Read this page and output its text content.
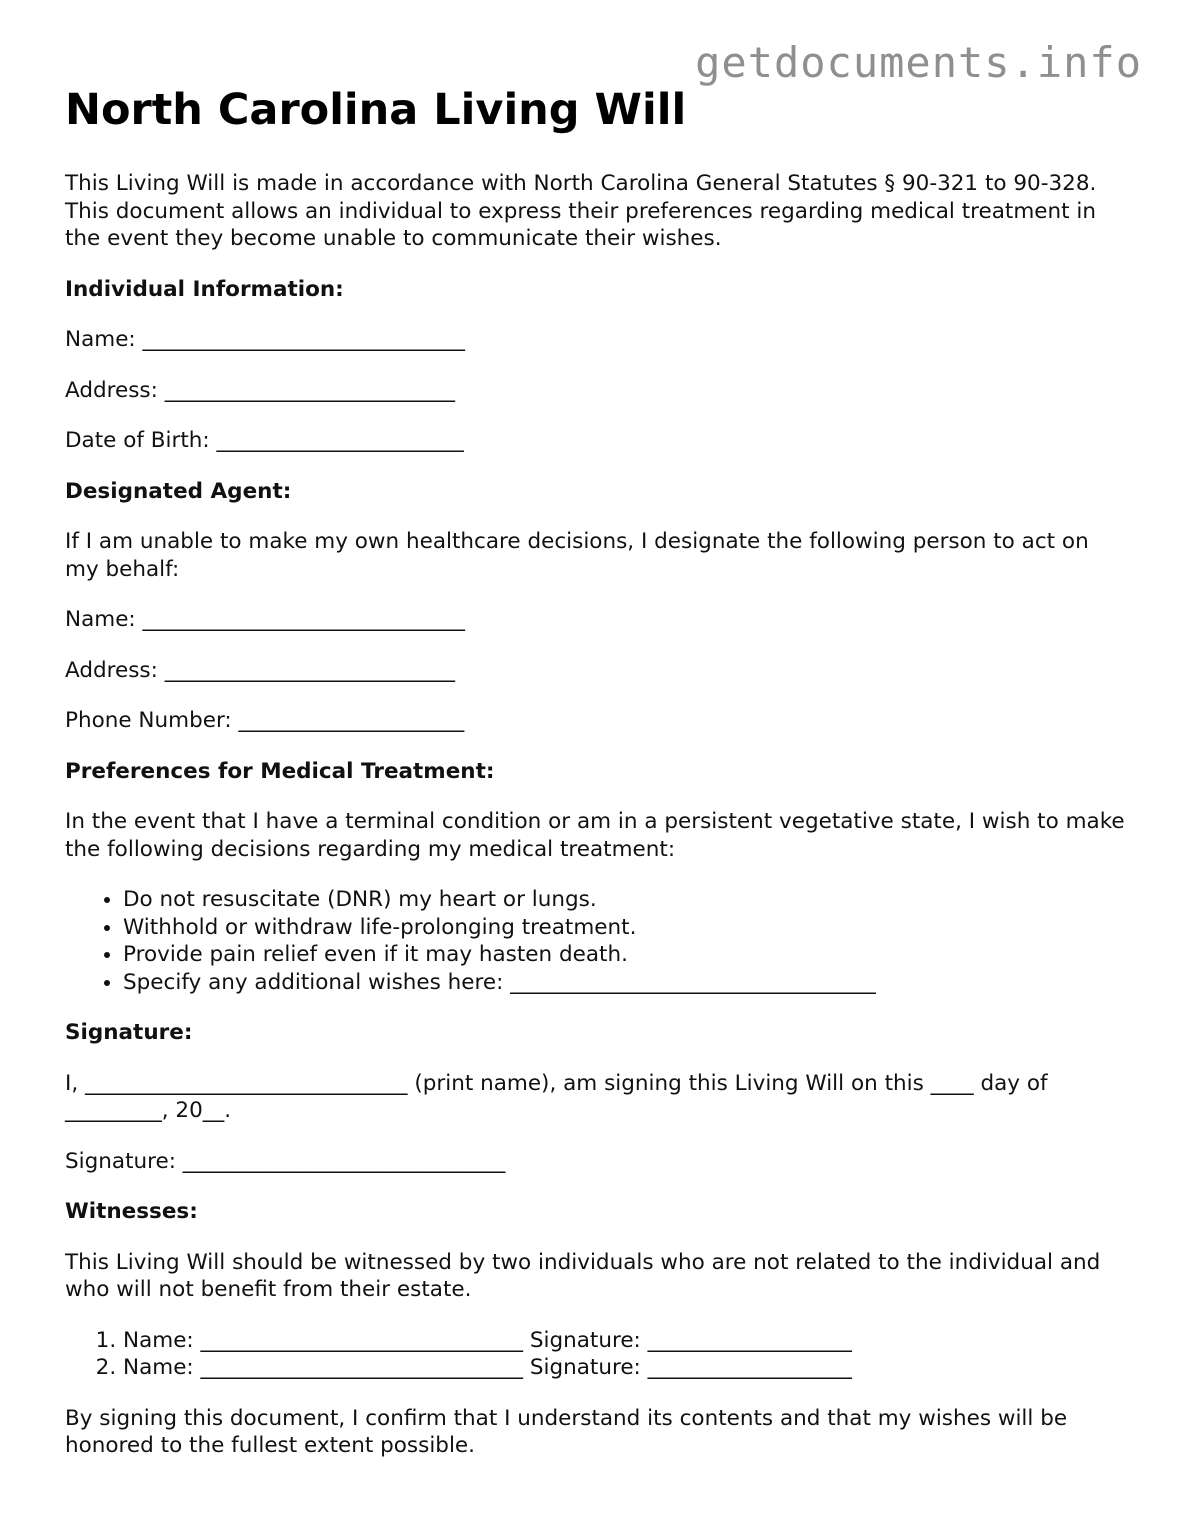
getdocuments.info
North Carolina Living Will

This Living Will is made in accordance with North Carolina General Statutes § 90-321 to 90-328. This document allows an individual to express their preferences regarding medical treatment in the event they become unable to communicate their wishes.

Individual Information:
Name: ______________________________
Address: ___________________________
Date of Birth: _______________________
Designated Agent:

If I am unable to make my own healthcare decisions, I designate the following person to act on my behalf:

Name: ______________________________
Address: ___________________________
Phone Number: _____________________
Preferences for Medical Treatment:

In the event that I have a terminal condition or am in a persistent vegetative state, I wish to make the following decisions regarding my medical treatment:

• Do not resuscitate (DNR) my heart or lungs.
• Withhold or withdraw life-prolonging treatment.
• Provide pain relief even if it may hasten death.
• Specify any additional wishes here: __________________________________
Signature:

I, ______________________________ (print name), am signing this Living Will on this ____ day of _________, 20__.

Signature: ______________________________
Witnesses:

This Living Will should be witnessed by two individuals who are not related to the individual and who will not benefit from their estate.

1. Name: ______________________________ Signature: ___________________
2. Name: ______________________________ Signature: ___________________

By signing this document, I confirm that I understand its contents and that my wishes will be honored to the fullest extent possible.
